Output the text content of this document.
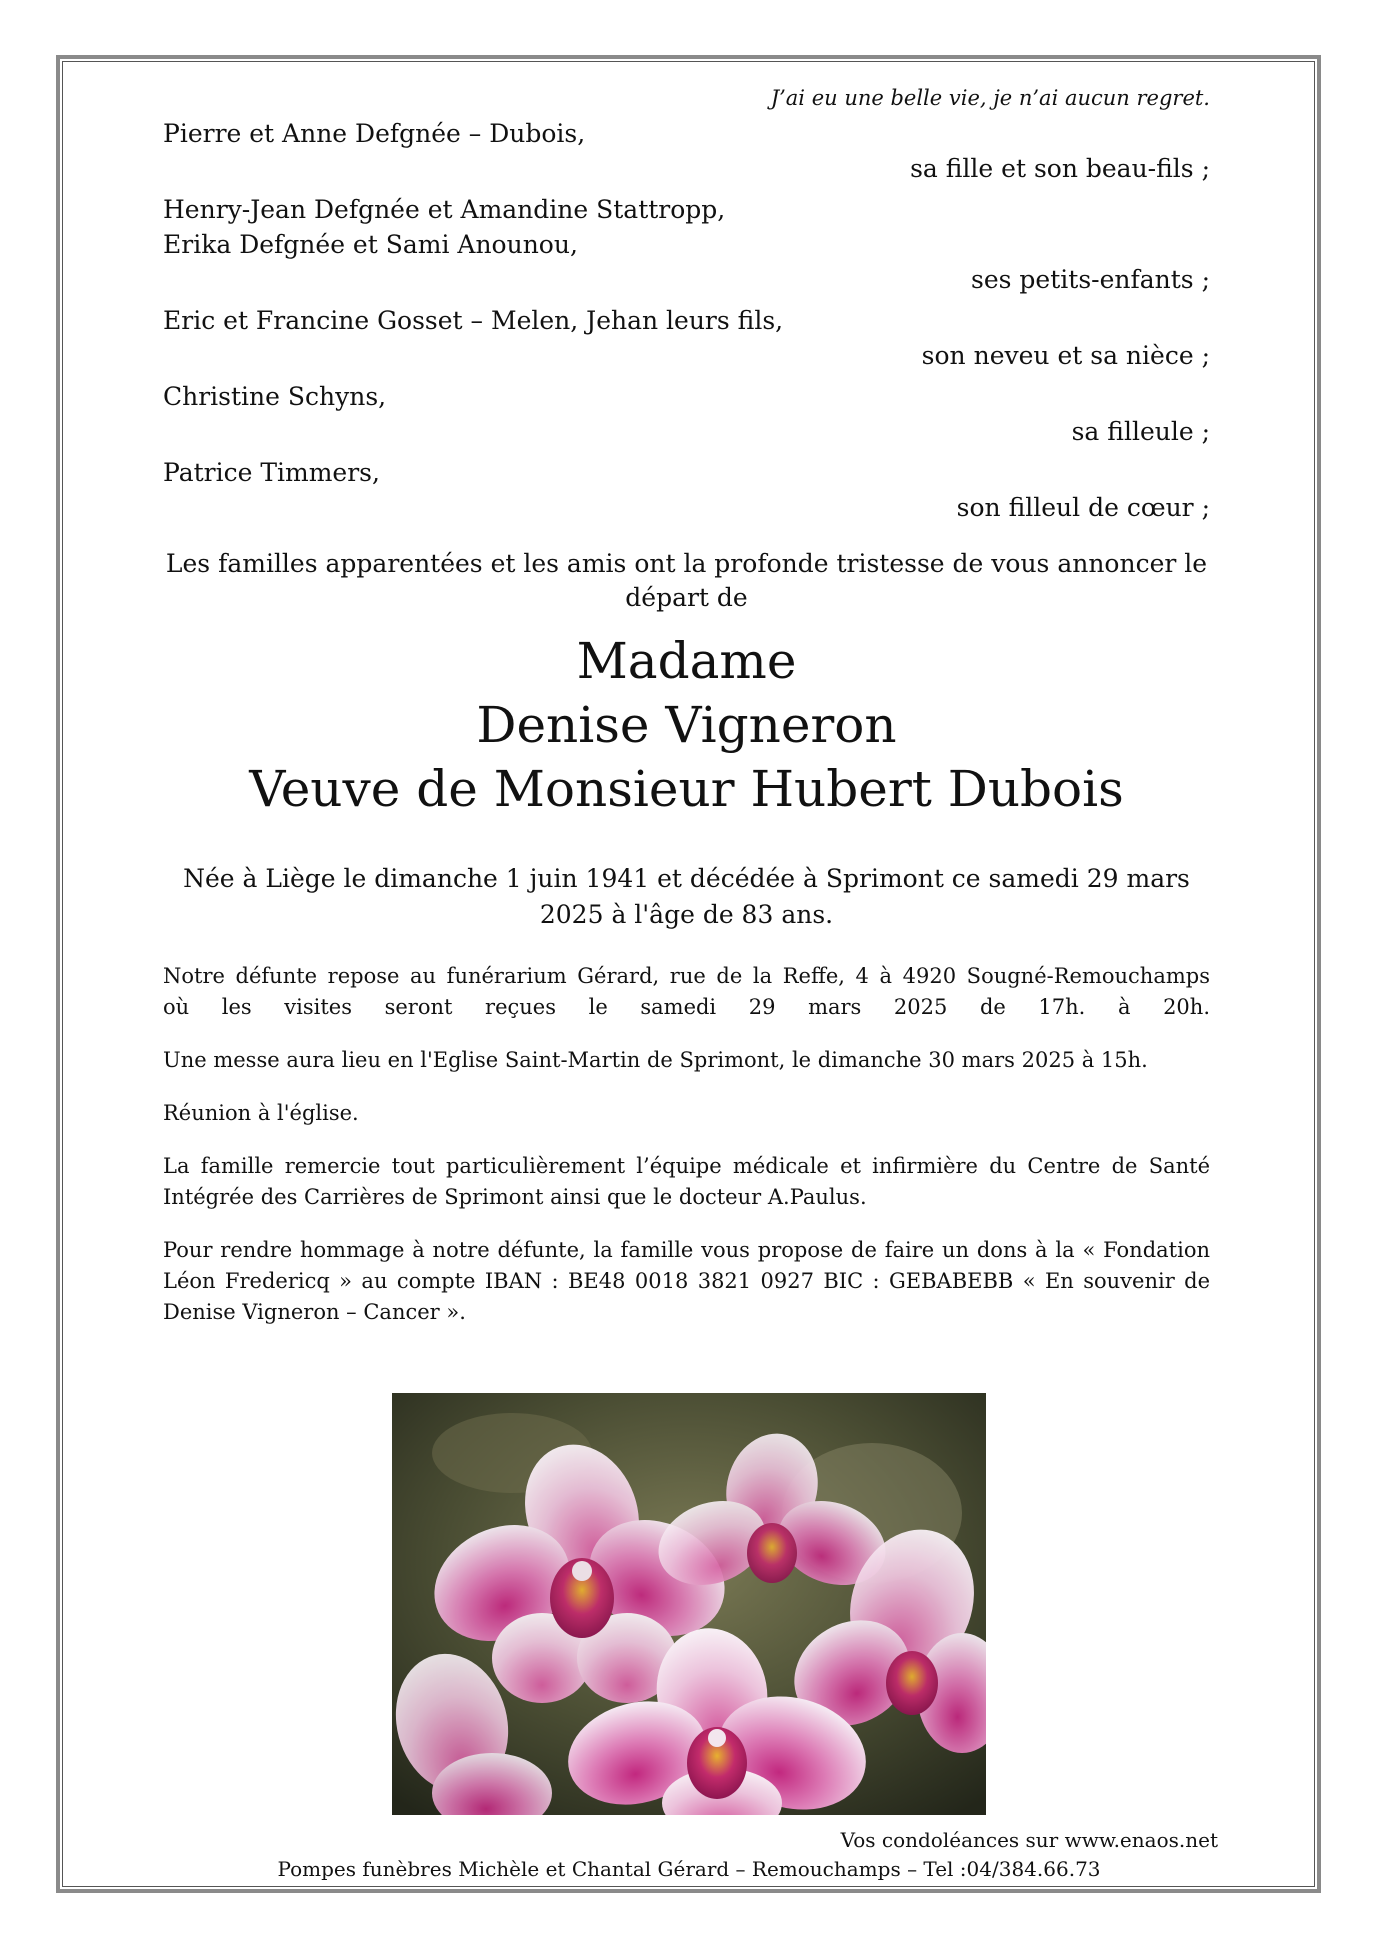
J’ai eu une belle vie, je n’ai aucun regret.

Pierre et Anne Defgnée – Dubois,

sa fille et son beau-fils ;

Henry-Jean Defgnée et Amandine Stattropp,

Erika Defgnée et Sami Anounou,

ses petits-enfants ;

Eric et Francine Gosset – Melen, Jehan leurs fils,

son neveu et sa nièce ;

Christine Schyns,

sa filleule ;

Patrice Timmers,

son filleul de cœur ;

Les familles apparentées et les amis ont la profonde tristesse de vous annoncer le
départ de

Madame

Denise Vigneron

Veuve de Monsieur Hubert Dubois

Née à Liège le dimanche 1 juin 1941 et décédée à Sprimont ce samedi 29 mars
2025 à l'âge de 83 ans.

Notre défunte repose au funérarium Gérard, rue de la Reffe, 4 à 4920 Sougné-Remouchamps
où les visites seront reçues le samedi 29 mars 2025 de 17h. à 20h.

Une messe aura lieu en l'Eglise Saint-Martin de Sprimont, le dimanche 30 mars 2025 à 15h.

Réunion à l'église.

La famille remercie tout particulièrement l’équipe médicale et infirmière du Centre de Santé Intégrée des Carrières de Sprimont ainsi que le docteur A.Paulus.

Pour rendre hommage à notre défunte, la famille vous propose de faire un dons à la « Fondation Léon Fredericq » au compte IBAN : BE48 0018 3821 0927 BIC : GEBABEBB « En souvenir de Denise Vigneron – Cancer ».

Vos condoléances sur www.enaos.net

Pompes funèbres Michèle et Chantal Gérard – Remouchamps – Tel :04/384.66.73
